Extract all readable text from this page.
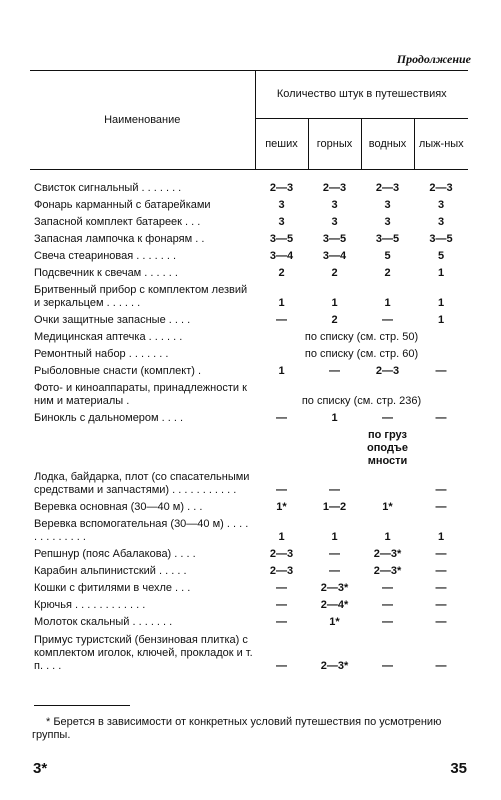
Продолжение
Наименование	Количество штук в путешествиях			
	пеших	горных	водных	лыж-ных

Свисток сигнальный . . . . . . .	2—3	2—3	2—3	2—3
Фонарь карманный с батарейками	3	3	3	3
Запасной комплект батареек . . .	3	3	3	3
Запасная лампочка к фонарям . .	3—5	3—5	3—5	3—5
Свеча стеариновая . . . . . . .	3—4	3—4	5	5
Подсвечник к свечам . . . . . .	2	2	2	1
Бритвенный прибор с комплектом лезвий и зеркальцем . . . . . .	1	1	1	1
Очки защитные запасные . . . .	—	2	—	1
Медицинская аптечка . . . . . .	по списку (см. стр. 50)			
Ремонтный набор . . . . . . .	по списку (см. стр. 60)			
Рыболовные снасти (комплект) .	1	—	2—3	—
Фото- и киноаппараты, принадлежности к ним и материалы .	по списку (см. стр. 236)			
Бинокль с дальномером . . . .	—	1	—	—
Лодка, байдарка, плот (со спасательными средствами и запчастями) . . . . . . . . . . .	—	—	по грузоподъемности	—
Веревка основная (30—40 м) . . .	1*	1—2	1*	—
Веревка вспомогательная (30—40 м) . . . . . . . . . . . . .	1	1	1	1
Репшнур (пояс Абалакова) . . . .	2—3	—	2—3*	—
Карабин альпинистский . . . . .	2—3	—	2—3*	—
Кошки с фитилями в чехле . . .	—	2—3*	—	—
Крючья . . . . . . . . . . . .	—	2—4*	—	—
Молоток скальный . . . . . . .	—	1*	—	—
Примус туристский (бензиновая плитка) с комплектом иголок, ключей, прокладок и т. п. . . .	—	2—3*	—	—
* Берется в зависимости от конкретных условий путешествия по усмотрению группы.
3*	35
